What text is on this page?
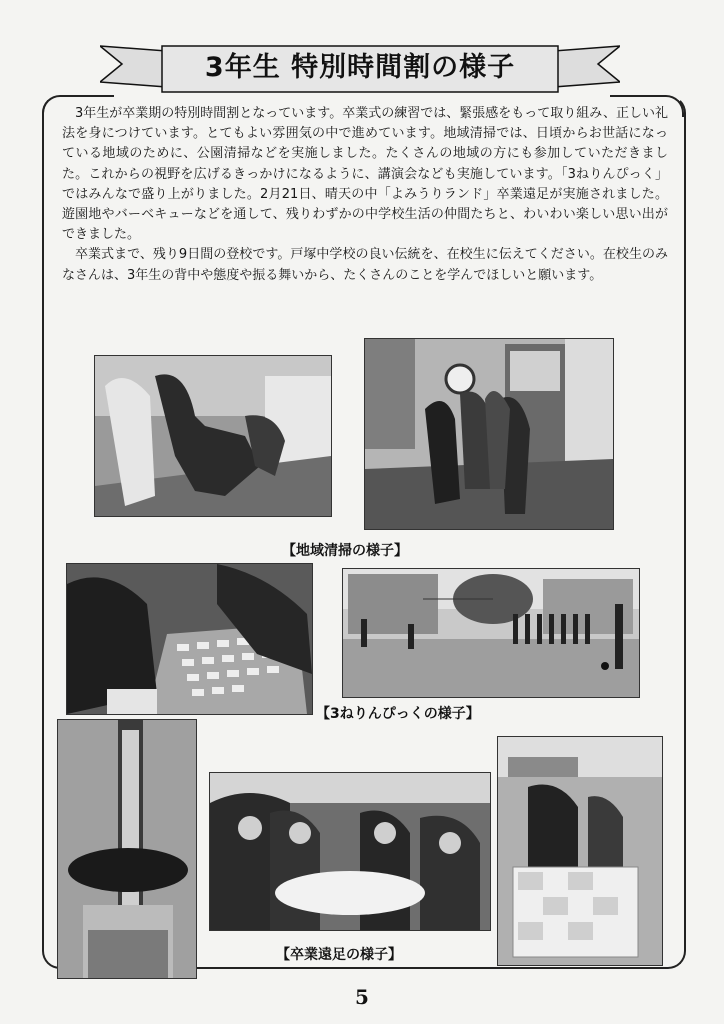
3年生 特別時間割の様子

3年生が卒業期の特別時間割となっています。卒業式の練習では、緊張感をもって取り組み、正しい礼法を身につけています。とてもよい雰囲気の中で進めています。地域清掃では、日頃からお世話になっている地域のために、公園清掃などを実施しました。たくさんの地域の方にも参加していただきました。これからの視野を広げるきっかけになるように、講演会なども実施しています。「3ねりんぴっく」ではみんなで盛り上がりました。2月21日、晴天の中「よみうりランド」卒業遠足が実施されました。遊園地やバーベキューなどを通して、残りわずかの中学校生活の仲間たちと、わいわい楽しい思い出ができました。

卒業式まで、残り9日間の登校です。戸塚中学校の良い伝統を、在校生に伝えてください。在校生のみなさんは、3年生の背中や態度や振る舞いから、たくさんのことを学んでほしいと願います。

【地域清掃の様子】
【3ねりんぴっくの様子】
【卒業遠足の様子】
5
